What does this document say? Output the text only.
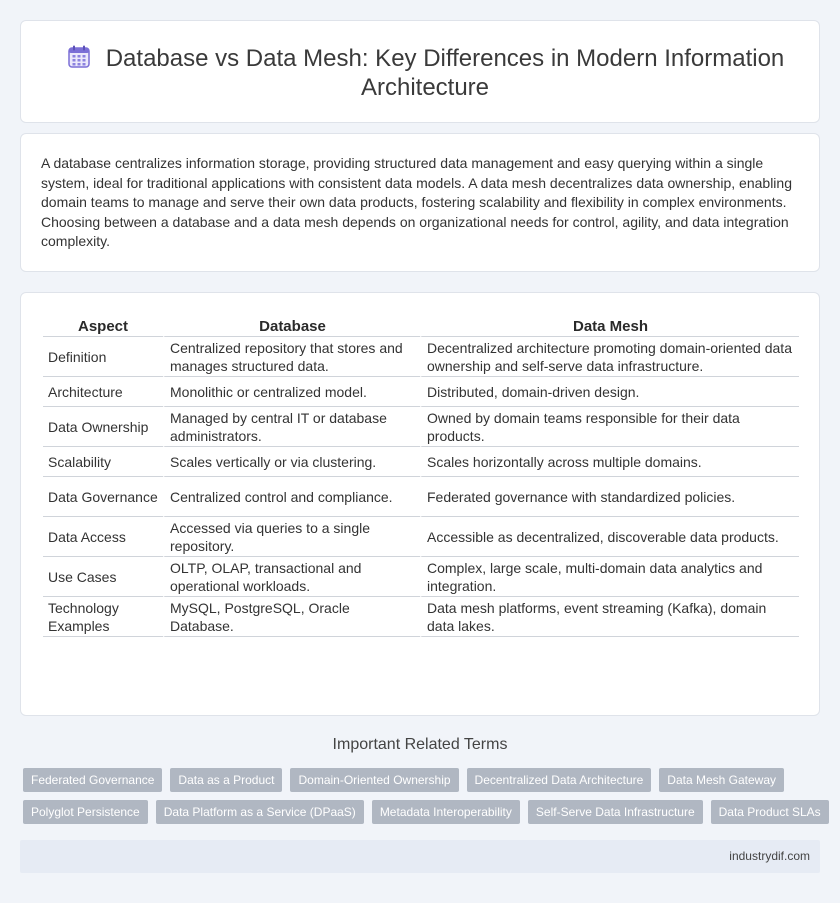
Database vs Data Mesh: Key Differences in Modern Information Architecture

A database centralizes information storage, providing structured data management and easy querying within a single system, ideal for traditional applications with consistent data models. A data mesh decentralizes data ownership, enabling domain teams to manage and serve their own data products, fostering scalability and flexibility in complex environments. Choosing between a database and a data mesh depends on organizational needs for control, agility, and data integration complexity.

Aspect	Database	Data Mesh
Definition	Centralized repository that stores and manages structured data.	Decentralized architecture promoting domain-oriented data ownership and self-serve data infrastructure.
Architecture	Monolithic or centralized model.	Distributed, domain-driven design.
Data Ownership	Managed by central IT or database administrators.	Owned by domain teams responsible for their data products.
Scalability	Scales vertically or via clustering.	Scales horizontally across multiple domains.
Data Governance	Centralized control and compliance.	Federated governance with standardized policies.
Data Access	Accessed via queries to a single repository.	Accessible as decentralized, discoverable data products.
Use Cases	OLTP, OLAP, transactional and operational workloads.	Complex, large scale, multi-domain data analytics and integration.
Technology Examples	MySQL, PostgreSQL, Oracle Database.	Data mesh platforms, event streaming (Kafka), domain data lakes.
Important Related Terms
Federated Governance	Data as a Product	Domain-Oriented Ownership	Decentralized Data Architecture	Data Mesh Gateway
Polyglot Persistence	Data Platform as a Service (DPaaS)	Metadata Interoperability	Self-Serve Data Infrastructure	Data Product SLAs
industrydif.com
